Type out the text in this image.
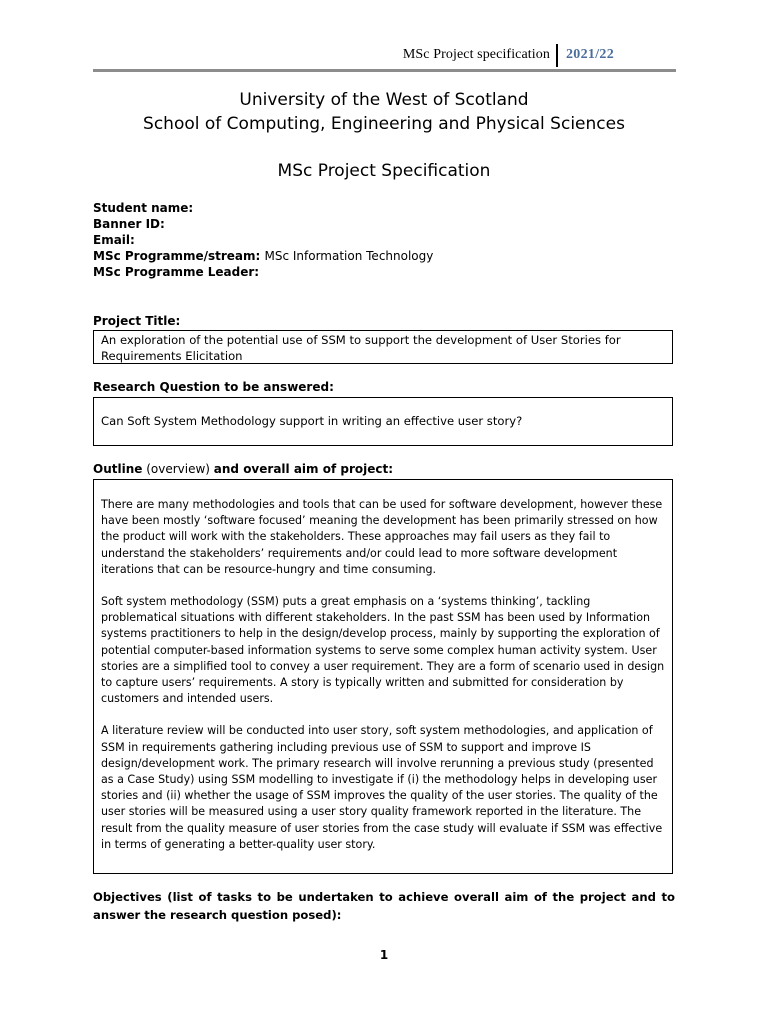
MSc Project specification 2021/22
University of the West of Scotland
School of Computing, Engineering and Physical Sciences
MSc Project Specification
Student name:
Banner ID:
Email:
MSc Programme/stream: MSc Information Technology
MSc Programme Leader:
Project Title:
An exploration of the potential use of SSM to support the development of User Stories for Requirements Elicitation
Research Question to be answered:
Can Soft System Methodology support in writing an effective user story?
Outline (overview) and overall aim of project:

There are many methodologies and tools that can be used for software development, however these have been mostly ‘software focused’ meaning the development has been primarily stressed on how the product will work with the stakeholders. These approaches may fail users as they fail to understand the stakeholders’ requirements and/or could lead to more software development iterations that can be resource-hungry and time consuming.

Soft system methodology (SSM) puts a great emphasis on a ‘systems thinking’, tackling problematical situations with different stakeholders. In the past SSM has been used by Information systems practitioners to help in the design/develop process, mainly by supporting the exploration of potential computer-based information systems to serve some complex human activity system. User stories are a simplified tool to convey a user requirement. They are a form of scenario used in design to capture users’ requirements. A story is typically written and submitted for consideration by customers and intended users.

A literature review will be conducted into user story, soft system methodologies, and application of SSM in requirements gathering including previous use of SSM to support and improve IS design/development work. The primary research will involve rerunning a previous study (presented as a Case Study) using SSM modelling to investigate if (i) the methodology helps in developing user stories and (ii) whether the usage of SSM improves the quality of the user stories. The quality of the user stories will be measured using a user story quality framework reported in the literature. The result from the quality measure of user stories from the case study will evaluate if SSM was effective in terms of generating a better-quality user story.

Objectives (list of tasks to be undertaken to achieve overall aim of the project and to answer the research question posed):
1
